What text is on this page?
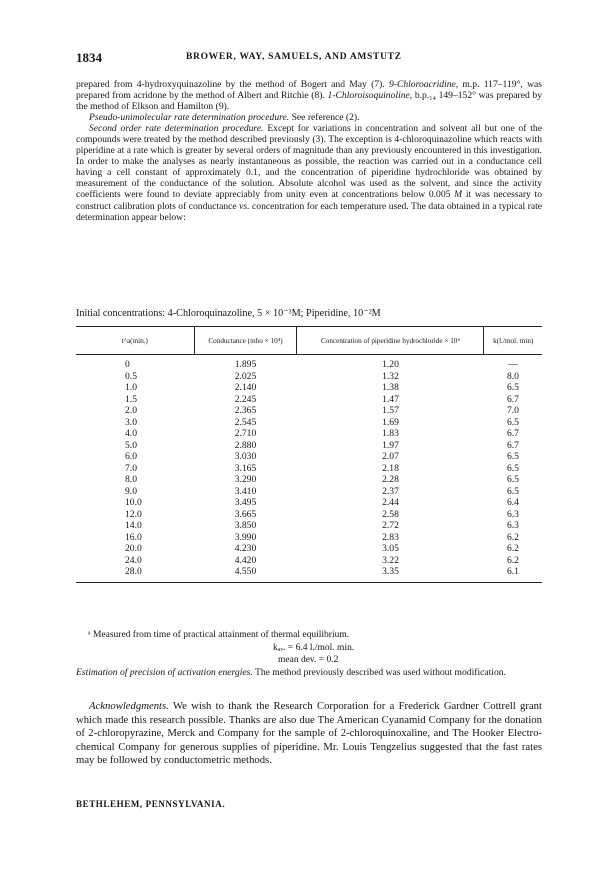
1834	BROWER, WAY, SAMUELS, AND AMSTUTZ

prepared from 4-hydroxyquinazoline by the method of Bogert and May (7). 9-Chloroacridine, m.p. 117–119°, was prepared from acridone by the method of Albert and Ritchie (8). 1-Chloroisoquinoline, b.p.₁₄ 149–152° was prepared by the method of Elkson and Hamilton (9).

Pseudo-unimolecular rate determination procedure. See reference (2).

Second order rate determination procedure. Except for variations in concentration and solvent all but one of the compounds were treated by the method described previously (3). The exception is 4-chloroquinazoline which reacts with piperidine at a rate which is greater by several orders of magnitude than any previously encountered in this investigation. In order to make the analyses as nearly instantaneous as possible, the reaction was carried out in a conductance cell having a cell constant of approximately 0.1, and the concentration of piperidine hydrochloride was obtained by measurement of the conductance of the solution. Absolute alcohol was used as the solvent, and since the activity coefficients were found to deviate appreciably from unity even at concentrations below 0.005 M it was necessary to construct calibration plots of conductance vs. concentration for each temperature used. The data obtained in a typical rate determination appear below:

Initial concentrations: 4-Chloroquinazoline, 5 × 10⁻³M; Piperidine, 10⁻²M
t^a(min.)	Conductance (mho × 10⁴)	Concentration of piperidine hydrochloride × 10⁴	k(l./mol. min)
0	1.895	1.20	—
0.5	2.025	1.32	8.0
1.0	2.140	1.38	6.5
1.5	2.245	1.47	6.7
2.0	2.365	1.57	7.0
3.0	2.545	1.69	6.5
4.0	2.710	1.83	6.7
5.0	2.880	1.97	6.7
6.0	3.030	2.07	6.5
7.0	3.165	2.18	6.5
8.0	3.290	2.28	6.5
9.0	3.410	2.37	6.5
10.0	3.495	2.44	6.4
12.0	3.665	2.58	6.3
14.0	3.850	2.72	6.3
16.0	3.990	2.83	6.2
20.0	4.230	3.05	6.2
24.0	4.420	3.22	6.2
28.0	4.550	3.35	6.1
ᵃ Measured from time of practical attainment of thermal equilibrium.
kₐᵥ. = 6.4 l./mol. min.
mean dev. = 0.2
Estimation of precision of activation energies. The method previously described was used without modification.

Acknowledgments. We wish to thank the Research Corporation for a Frederick Gardner Cottrell grant which made this research possible. Thanks are also due The American Cyanamid Company for the donation of 2-chloropyrazine, Merck and Company for the sample of 2-chloroquinoxaline, and The Hooker Electro-chemical Company for generous supplies of piperidine. Mr. Louis Tengzelius suggested that the fast rates may be followed by conductometric methods.

BETHLEHEM, PENNSYLVANIA.
